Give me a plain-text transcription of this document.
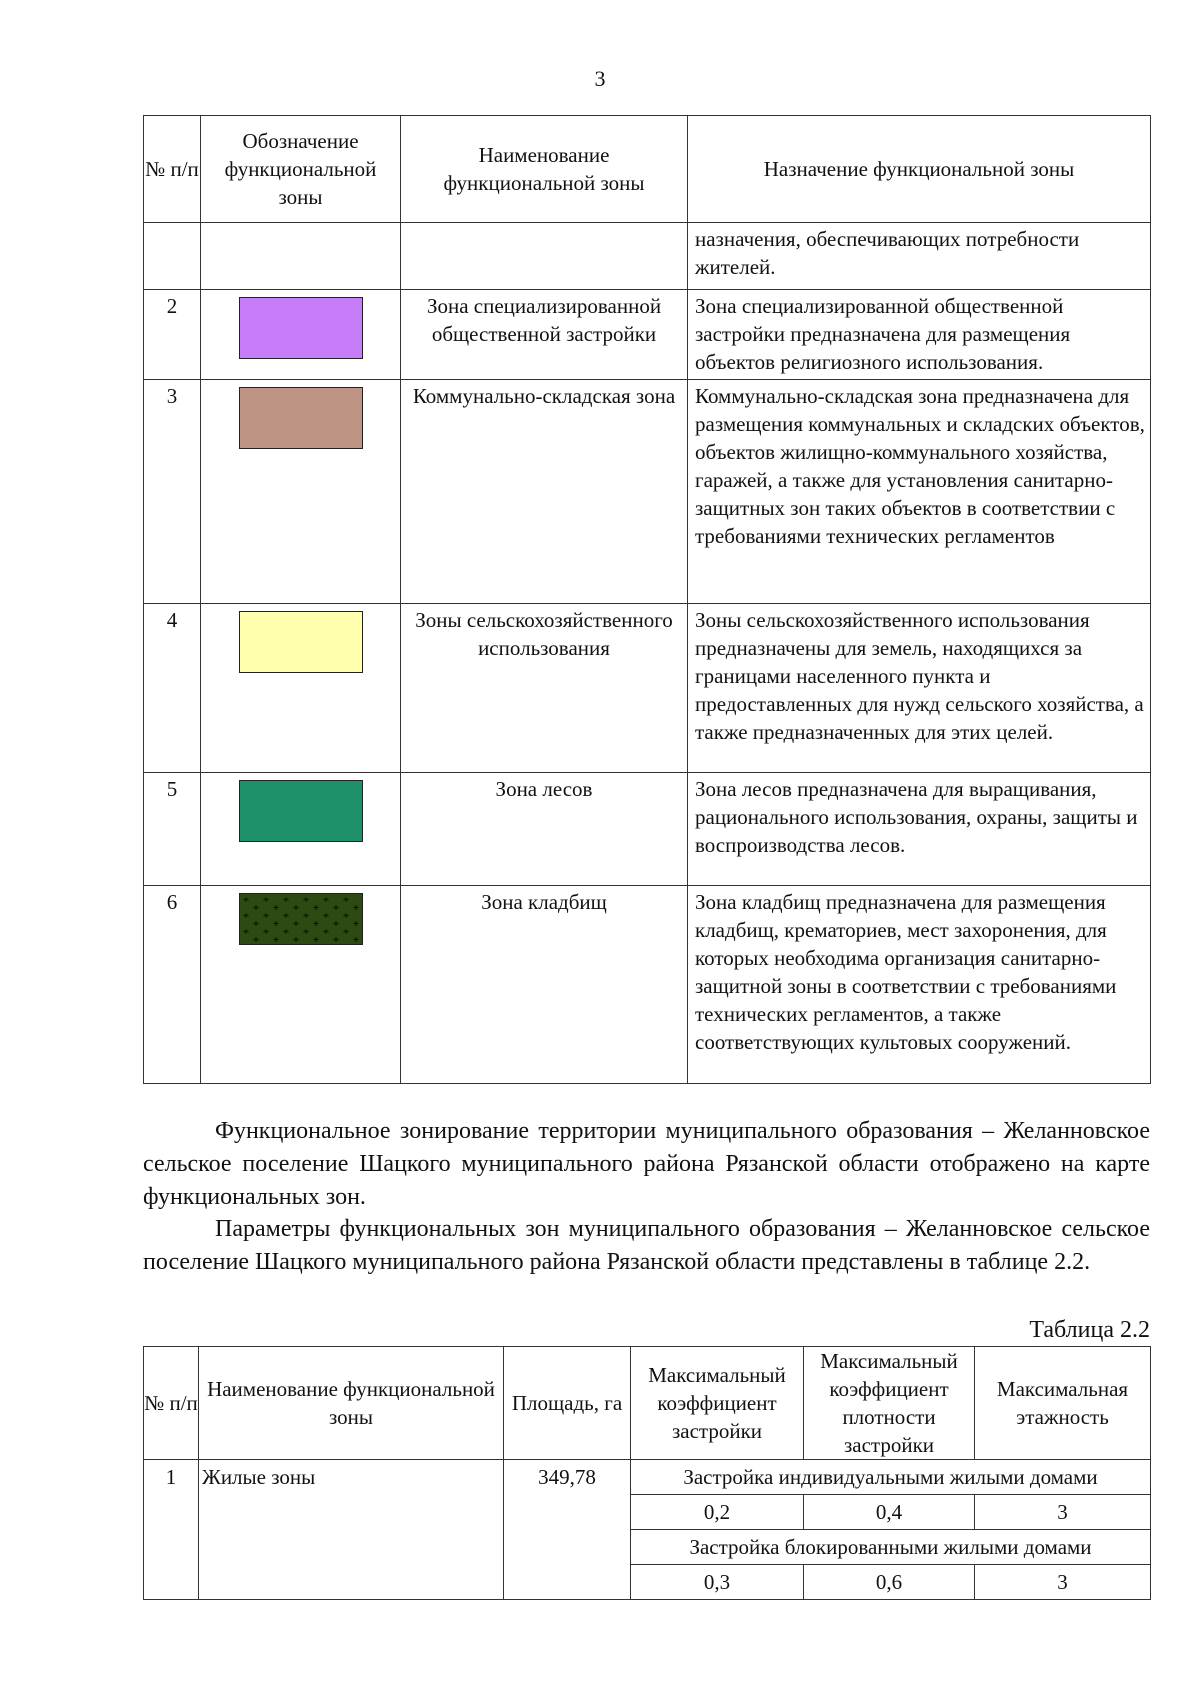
3
№ п/п	Обозначение функциональной зоны	Наименование функциональной зоны	Назначение функциональной зоны
			назначения, обеспечивающих потребности жителей.
2		Зона специализированной общественной застройки	Зона специализированной общественной застройки предназначена для размещения объектов религиозного использования.
3		Коммунально-складская зона	Коммунально-складская зона предназначена для размещения коммунальных и складских объектов, объектов жилищно-коммунального хозяйства, гаражей, а также для установления санитарно-защитных зон таких объектов в соответствии с требованиями технических регламентов
4		Зоны сельскохозяйственного использования	Зоны сельскохозяйственного использования предназначены для земель, находящихся за границами населенного пункта и предоставленных для нужд сельского хозяйства, а также предназначенных для этих целей.
5		Зона лесов	Зона лесов предназначена для выращивания, рационального использования, охраны, защиты и воспроизводства лесов.
6		Зона кладбищ	Зона кладбищ предназначена для размещения кладбищ, крематориев, мест захоронения, для которых необходима организация санитарно-защитной зоны в соответствии с требованиями технических регламентов, а также соответствующих культовых сооружений.
Функциональное зонирование территории муниципального образования – Желанновское сельское поселение Шацкого муниципального района Рязанской области отображено на карте функциональных зон.
Параметры функциональных зон муниципального образования – Желанновское сельское поселение Шацкого муниципального района Рязанской области представлены в таблице 2.2.
Таблица 2.2
№ п/п	Наименование функциональной зоны	Площадь, га	Максимальный коэффициент застройки	Максимальный коэффициент плотности застройки	Максимальная этажность
1	Жилые зоны	349,78	Застройка индивидуальными жилыми домами		
			0,2	0,4	3
			Застройка блокированными жилыми домами		
			0,3	0,6	3
